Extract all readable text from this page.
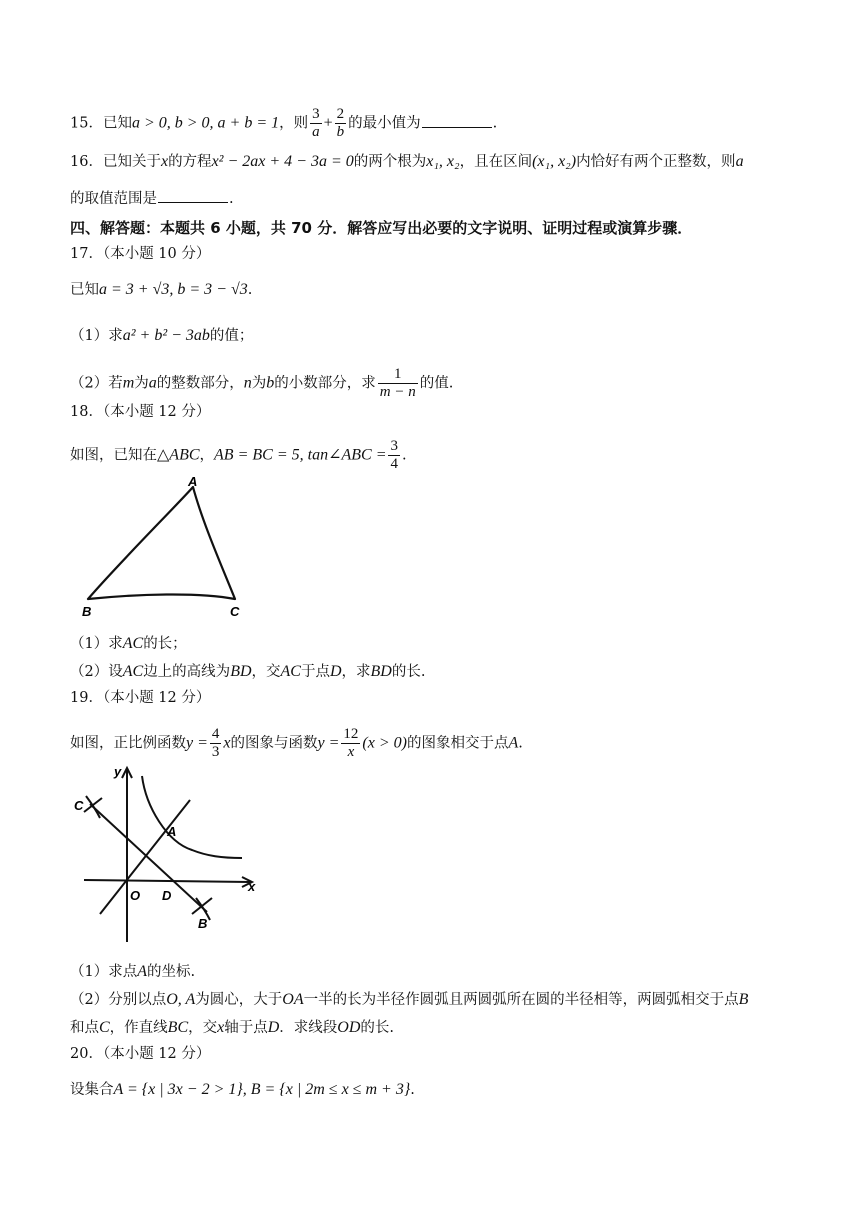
15．已知a > 0, b > 0, a + b = 1，则 $\frac{3}{a} + \frac{2}{b}$ 的最小值为	.
16．已知关于x的方程x² − 2ax + 4 − 3a = 0的两个根为x₁, x₂，且在区间(x₁, x₂)内恰好有两个正整数，则a
的取值范围是	.
四、解答题：本题共 6 小题，共 70 分．解答应写出必要的文字说明、证明过程或演算步骤．
17．（本小题 10 分）
已知a = 3 + √3, b = 3 − √3.
（1）求a² + b² − 3ab的值；
（2）若m为a的整数部分，n为b的小数部分，求 $\frac{1}{m - n}$ 的值.
18．（本小题 12 分）
如图，已知在△ABC，AB = BC = 5, tan∠ABC = $\frac{3}{4}$ .
A
B	C
（1）求AC的长；
（2）设AC边上的高线为BD，交AC于点D，求BD的长.
19．（本小题 12 分）
如图，正比例函数$y = \frac{4}{3}$ x的图象与函数$y = \frac{12}{x} (x > 0)$的图象相交于点A.
y
x
O D
A
B
C
（1）求点A的坐标.
（2）分别以点O, A为圆心，大于OA一半的长为半径作圆弧且两圆弧所在圆的半径相等，两圆弧相交于点B
和点C，作直线BC，交x轴于点D．求线段OD的长.
20．（本小题 12 分）
设集合A = {x | 3x − 2 > 1}, B = {x | 2m ≤ x ≤ m + 3}.
